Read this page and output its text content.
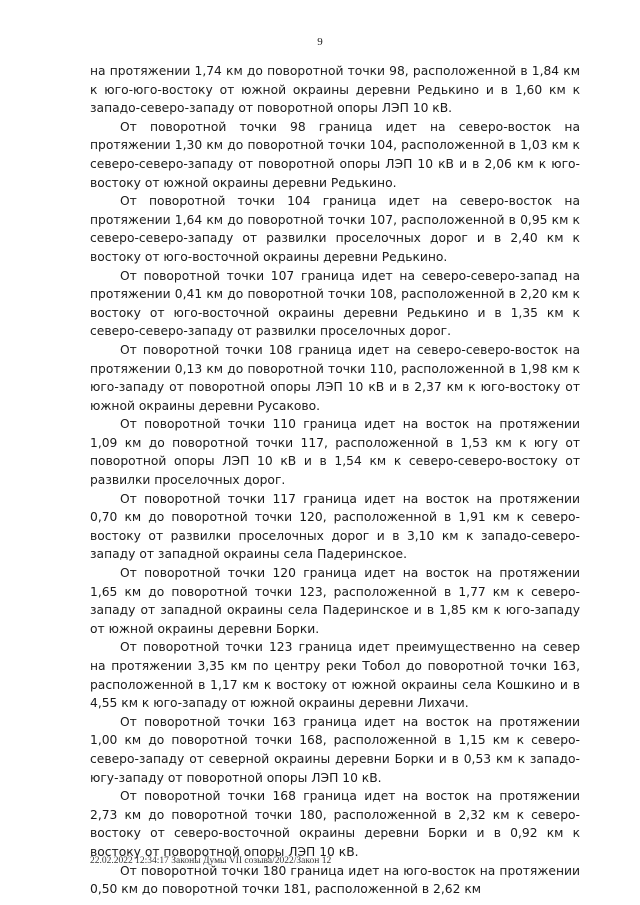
9

на протяжении 1,74 км до поворотной точки 98, расположенной в 1,84 км к юго-юго-востоку от южной окраины деревни Редькино и в 1,60 км к западо-северо-западу от поворотной опоры ЛЭП 10 кВ.

От поворотной точки 98 граница идет на северо-восток на протяжении 1,30 км до поворотной точки 104, расположенной в 1,03 км к северо-северо-западу от поворотной опоры ЛЭП 10 кВ и в 2,06 км к юго-востоку от южной окраины деревни Редькино.

От поворотной точки 104 граница идет на северо-восток на протяжении 1,64 км до поворотной точки 107, расположенной в 0,95 км к северо-северо-западу от развилки проселочных дорог и в 2,40 км к востоку от юго-восточной окраины деревни Редькино.

От поворотной точки 107 граница идет на северо-северо-запад на протяжении 0,41 км до поворотной точки 108, расположенной в 2,20 км к востоку от юго-восточной окраины деревни Редькино и в 1,35 км к северо-северо-западу от развилки проселочных дорог.

От поворотной точки 108 граница идет на северо-северо-восток на протяжении 0,13 км до поворотной точки 110, расположенной в 1,98 км к юго-западу от поворотной опоры ЛЭП 10 кВ и в 2,37 км к юго-востоку от южной окраины деревни Русаково.

От поворотной точки 110 граница идет на восток на протяжении 1,09 км до поворотной точки 117, расположенной в 1,53 км к югу от поворотной опоры ЛЭП 10 кВ и в 1,54 км к северо-северо-востоку от развилки проселочных дорог.

От поворотной точки 117 граница идет на восток на протяжении 0,70 км до поворотной точки 120, расположенной в 1,91 км к северо-востоку от развилки проселочных дорог и в 3,10 км к западо-северо-западу от западной окраины села Падеринское.

От поворотной точки 120 граница идет на восток на протяжении 1,65 км до поворотной точки 123, расположенной в 1,77 км к северо-западу от западной окраины села Падеринское и в 1,85 км к юго-западу от южной окраины деревни Борки.

От поворотной точки 123 граница идет преимущественно на север на протяжении 3,35 км по центру реки Тобол до поворотной точки 163, расположенной в 1,17 км к востоку от южной окраины села Кошкино и в 4,55 км к юго-западу от южной окраины деревни Лихачи.

От поворотной точки 163 граница идет на восток на протяжении 1,00 км до поворотной точки 168, расположенной в 1,15 км к северо-северо-западу от северной окраины деревни Борки и в 0,53 км к западо-югу-западу от поворотной опоры ЛЭП 10 кВ.

От поворотной точки 168 граница идет на восток на протяжении 2,73 км до поворотной точки 180, расположенной в 2,32 км к северо-востоку от северо-восточной окраины деревни Борки и в 0,92 км к востоку от поворотной опоры ЛЭП 10 кВ.

От поворотной точки 180 граница идет на юго-восток на протяжении 0,50 км до поворотной точки 181, расположенной в 2,62 км

22.02.2022 12:34:17 Законы Думы VII созыва/2022/Закон 12
